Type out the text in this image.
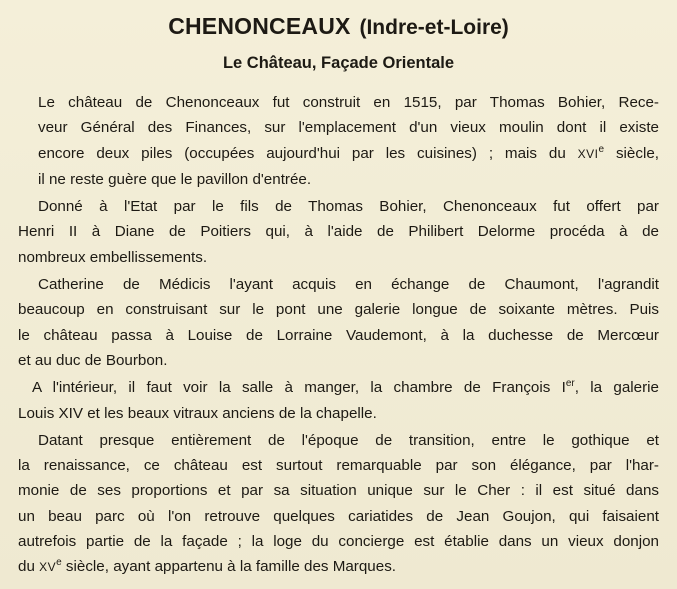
CHENONCEAUX (Indre-et-Loire)
Le Château, Façade Orientale

Le château de Chenonceaux fut construit en 1515, par Thomas Bohier, Rece-
veur Général des Finances, sur l'emplacement d'un vieux moulin dont il existe
encore deux piles (occupées aujourd'hui par les cuisines) ; mais du XVIe siècle,
il ne reste guère que le pavillon d'entrée.

Donné à l'Etat par le fils de Thomas Bohier, Chenonceaux fut offert par
Henri II à Diane de Poitiers qui, à l'aide de Philibert Delorme procéda à de
nombreux embellissements.

Catherine de Médicis l'ayant acquis en échange de Chaumont, l'agrandit
beaucoup en construisant sur le pont une galerie longue de soixante mètres. Puis
le château passa à Louise de Lorraine Vaudemont, à la duchesse de Mercœur
et au duc de Bourbon.

A l'intérieur, il faut voir la salle à manger, la chambre de François Ier, la galerie
Louis XIV et les beaux vitraux anciens de la chapelle.

Datant presque entièrement de l'époque de transition, entre le gothique et
la renaissance, ce château est surtout remarquable par son élégance, par l'har-
monie de ses proportions et par sa situation unique sur le Cher : il est situé dans
un beau parc où l'on retrouve quelques cariatides de Jean Goujon, qui faisaient
autrefois partie de la façade ; la loge du concierge est établie dans un vieux donjon
du XVe siècle, ayant appartenu à la famille des Marques.
